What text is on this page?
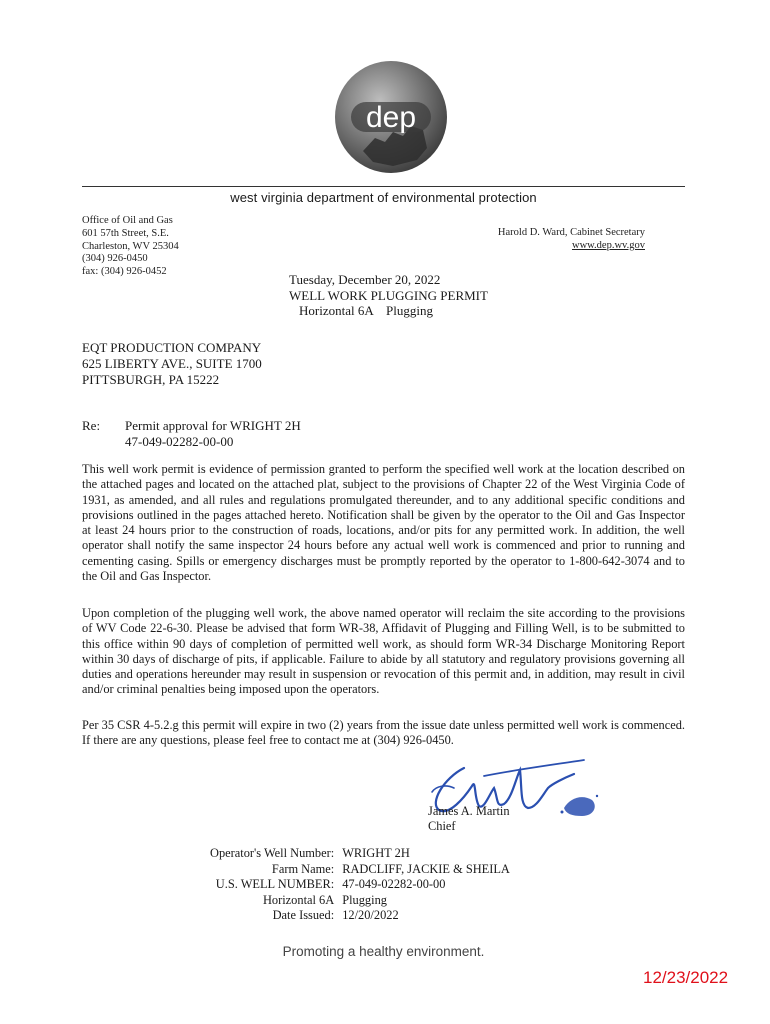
dep
west virginia department of environmental protection
Office of Oil and Gas
601 57th Street, S.E.
Charleston, WV 25304
(304) 926-0450
fax: (304) 926-0452
Harold D. Ward, Cabinet Secretary
www.dep.wv.gov
Tuesday, December 20, 2022
WELL WORK PLUGGING PERMIT
Horizontal 6A    Plugging
EQT PRODUCTION COMPANY
625 LIBERTY AVE., SUITE 1700
PITTSBURGH, PA 15222
Re: Permit approval for WRIGHT 2H
47-049-02282-00-00
This well work permit is evidence of permission granted to perform the specified well work at the location described on the attached pages and located on the attached plat, subject to the provisions of Chapter 22 of the West Virginia Code of 1931, as amended, and all rules and regulations promulgated thereunder, and to any additional specific conditions and provisions outlined in the pages attached hereto. Notification shall be given by the operator to the Oil and Gas Inspector at least 24 hours prior to the construction of roads, locations, and/or pits for any permitted work. In addition, the well operator shall notify the same inspector 24 hours before any actual well work is commenced and prior to running and cementing casing. Spills or emergency discharges must be promptly reported by the operator to 1-800-642-3074 and to the Oil and Gas Inspector.
Upon completion of the plugging well work, the above named operator will reclaim the site according to the provisions of WV Code 22-6-30. Please be advised that form WR-38, Affidavit of Plugging and Filling Well, is to be submitted to this office within 90 days of completion of permitted well work, as should form WR-34 Discharge Monitoring Report within 30 days of discharge of pits, if applicable. Failure to abide by all statutory and regulatory provisions governing all duties and operations hereunder may result in suspension or revocation of this permit and, in addition, may result in civil and/or criminal penalties being imposed upon the operators.
Per 35 CSR 4-5.2.g this permit will expire in two (2) years from the issue date unless permitted well work is commenced. If there are any questions, please feel free to contact me at (304) 926-0450.
James A. Martin
Chief
Operator's Well Number:	WRIGHT 2H
Farm Name:	RADCLIFF, JACKIE & SHEILA
U.S. WELL NUMBER:	47-049-02282-00-00
Horizontal 6A	Plugging
Date Issued:	12/20/2022
Promoting a healthy environment.
12/23/2022
